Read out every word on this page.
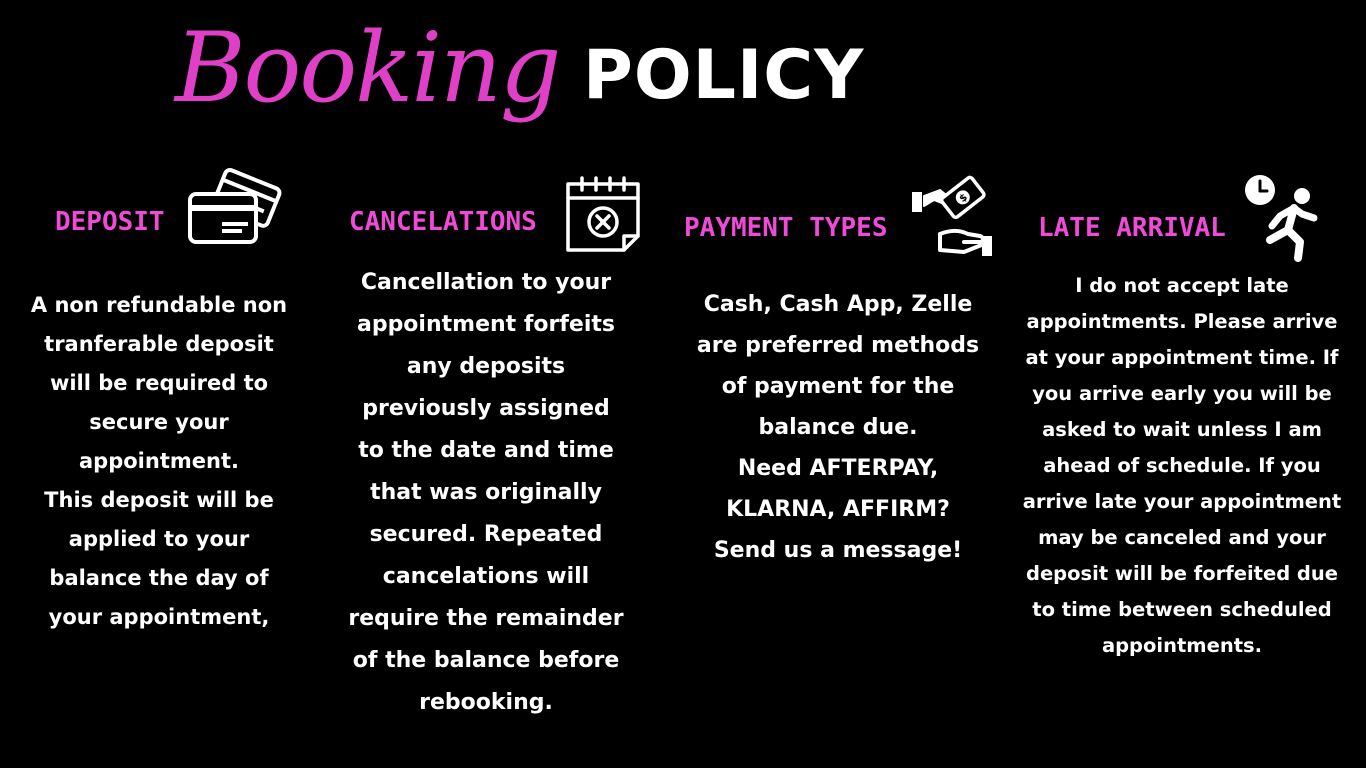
Booking POLICY
DEPOSIT

A non refundable non

tranferable deposit

will be required to

secure your

appointment.

This deposit will be

applied to your

balance the day of

your appointment,

CANCELATIONS

Cancellation to your

appointment forfeits

any deposits

previously assigned

to the date and time

that was originally

secured. Repeated

cancelations will

require the remainder

of the balance before

rebooking.

PAYMENT TYPES
$

Cash, Cash App, Zelle

are preferred methods

of payment for the

balance due.

Need AFTERPAY,

KLARNA, AFFIRM?

Send us a message!

LATE ARRIVAL

I do not accept late

appointments. Please arrive

at your appointment time. If

you arrive early you will be

asked to wait unless I am

ahead of schedule. If you

arrive late your appointment

may be canceled and your

deposit will be forfeited due

to time between scheduled

appointments.
